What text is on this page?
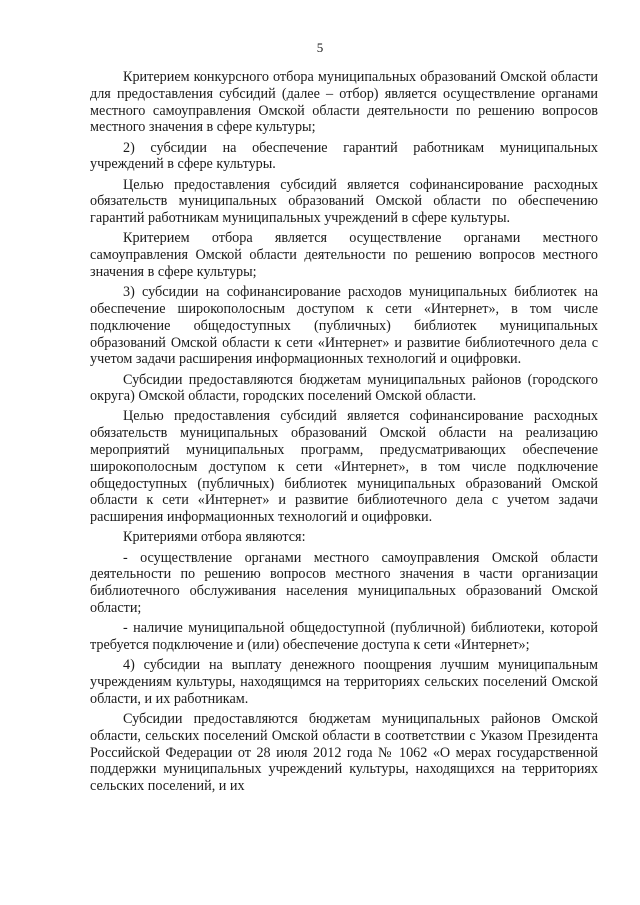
5

Критерием конкурсного отбора муниципальных образований Омской области для предоставления субсидий (далее – отбор) является осуществление органами местного самоуправления Омской области деятельности по решению вопросов местного значения в сфере культуры;

2) субсидии на обеспечение гарантий работникам муниципальных учреждений в сфере культуры.

Целью предоставления субсидий является софинансирование расходных обязательств муниципальных образований Омской области по обеспечению гарантий работникам муниципальных учреждений в сфере культуры.

Критерием отбора является осуществление органами местного самоуправления Омской области деятельности по решению вопросов местного значения в сфере культуры;

3) субсидии на софинансирование расходов муниципальных библиотек на обеспечение широкополосным доступом к сети «Интернет», в том числе подключение общедоступных (публичных) библиотек муниципальных образований Омской области к сети «Интернет» и развитие библиотечного дела с учетом задачи расширения информационных технологий и оцифровки.

Субсидии предоставляются бюджетам муниципальных районов (городского округа) Омской области, городских поселений Омской области.

Целью предоставления субсидий является софинансирование расходных обязательств муниципальных образований Омской области на реализацию мероприятий муниципальных программ, предусматривающих обеспечение широкополосным доступом к сети «Интернет», в том числе подключение общедоступных (публичных) библиотек муниципальных образований Омской области к сети «Интернет» и развитие библиотечного дела с учетом задачи расширения информационных технологий и оцифровки.

Критериями отбора являются:

- осуществление органами местного самоуправления Омской области деятельности по решению вопросов местного значения в части организации библиотечного обслуживания населения муниципальных образований Омской области;

- наличие муниципальной общедоступной (публичной) библиотеки, которой требуется подключение и (или) обеспечение доступа к сети «Интернет»;

4) субсидии на выплату денежного поощрения лучшим муниципальным учреждениям культуры, находящимся на территориях сельских поселений Омской области, и их работникам.

Субсидии предоставляются бюджетам муниципальных районов Омской области, сельских поселений Омской области в соответствии с Указом Президента Российской Федерации от 28 июля 2012 года № 1062 «О мерах государственной поддержки муниципальных учреждений культуры, находящихся на территориях сельских поселений, и их
